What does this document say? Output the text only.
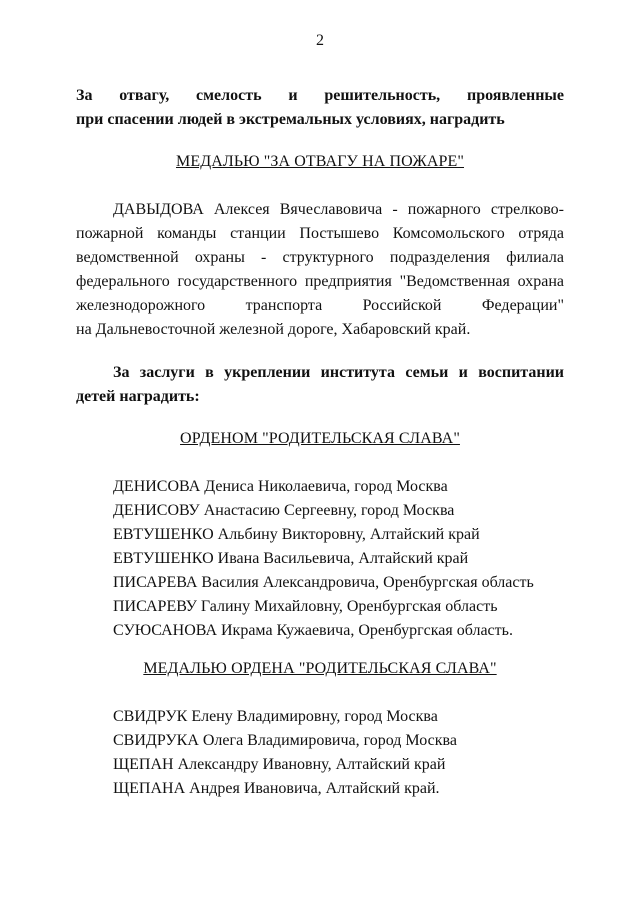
2
За отвагу, смелость и решительность, проявленные
при спасении людей в экстремальных условиях, наградить
МЕДАЛЬЮ "ЗА ОТВАГУ НА ПОЖАРЕ"
ДАВЫДОВА Алексея Вячеславовича - пожарного стрелково-
пожарной команды станции Постышево Комсомольского отряда
ведомственной охраны - структурного подразделения филиала
федерального государственного предприятия "Ведомственная охрана
железнодорожного транспорта Российской Федерации"
на Дальневосточной железной дороге, Хабаровский край.
За заслуги в укреплении института семьи и воспитании
детей наградить:
ОРДЕНОМ "РОДИТЕЛЬСКАЯ СЛАВА"
ДЕНИСОВА Дениса Николаевича, город Москва
ДЕНИСОВУ Анастасию Сергеевну, город Москва
ЕВТУШЕНКО Альбину Викторовну, Алтайский край
ЕВТУШЕНКО Ивана Васильевича, Алтайский край
ПИСАРЕВА Василия Александровича, Оренбургская область
ПИСАРЕВУ Галину Михайловну, Оренбургская область
СУЮСАНОВА Икрама Кужаевича, Оренбургская область.
МЕДАЛЬЮ ОРДЕНА "РОДИТЕЛЬСКАЯ СЛАВА"
СВИДРУК Елену Владимировну, город Москва
СВИДРУКА Олега Владимировича, город Москва
ЩЕПАН Александру Ивановну, Алтайский край
ЩЕПАНА Андрея Ивановича, Алтайский край.
